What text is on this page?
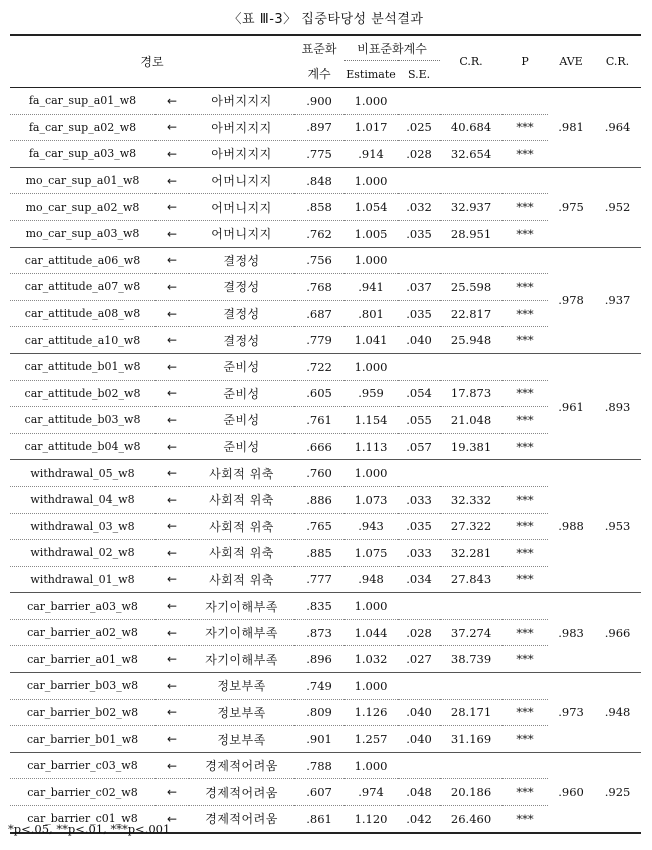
〈표 Ⅲ-3〉 집중타당성 분석결과
경로			표준화	비표준화계수		C.R.	P	AVE	C.R.
			계수	Estimate	S.E.				
fa_car_sup_a01_w8	←	아버지지지	.900	1.000				.981	.964
fa_car_sup_a02_w8	←	아버지지지	.897	1.017	.025	40.684	***		
fa_car_sup_a03_w8	←	아버지지지	.775	.914	.028	32.654	***		
mo_car_sup_a01_w8	←	어머니지지	.848	1.000				.975	.952
mo_car_sup_a02_w8	←	어머니지지	.858	1.054	.032	32.937	***		
mo_car_sup_a03_w8	←	어머니지지	.762	1.005	.035	28.951	***		
car_attitude_a06_w8	←	결정성	.756	1.000				.978	.937
car_attitude_a07_w8	←	결정성	.768	.941	.037	25.598	***		
car_attitude_a08_w8	←	결정성	.687	.801	.035	22.817	***		
car_attitude_a10_w8	←	결정성	.779	1.041	.040	25.948	***		
car_attitude_b01_w8	←	준비성	.722	1.000				.961	.893
car_attitude_b02_w8	←	준비성	.605	.959	.054	17.873	***		
car_attitude_b03_w8	←	준비성	.761	1.154	.055	21.048	***		
car_attitude_b04_w8	←	준비성	.666	1.113	.057	19.381	***		
withdrawal_05_w8	←	사회적 위축	.760	1.000				.988	.953
withdrawal_04_w8	←	사회적 위축	.886	1.073	.033	32.332	***		
withdrawal_03_w8	←	사회적 위축	.765	.943	.035	27.322	***		
withdrawal_02_w8	←	사회적 위축	.885	1.075	.033	32.281	***		
withdrawal_01_w8	←	사회적 위축	.777	.948	.034	27.843	***		
car_barrier_a03_w8	←	자기이해부족	.835	1.000				.983	.966
car_barrier_a02_w8	←	자기이해부족	.873	1.044	.028	37.274	***		
car_barrier_a01_w8	←	자기이해부족	.896	1.032	.027	38.739	***		
car_barrier_b03_w8	←	정보부족	.749	1.000				.973	.948
car_barrier_b02_w8	←	정보부족	.809	1.126	.040	28.171	***		
car_barrier_b01_w8	←	정보부족	.901	1.257	.040	31.169	***		
car_barrier_c03_w8	←	경제적어려움	.788	1.000				.960	.925
car_barrier_c02_w8	←	경제적어려움	.607	.974	.048	20.186	***		
car_barrier_c01_w8	←	경제적어려움	.861	1.120	.042	26.460	***		
*p<.05, **p<.01, ***p<.001
